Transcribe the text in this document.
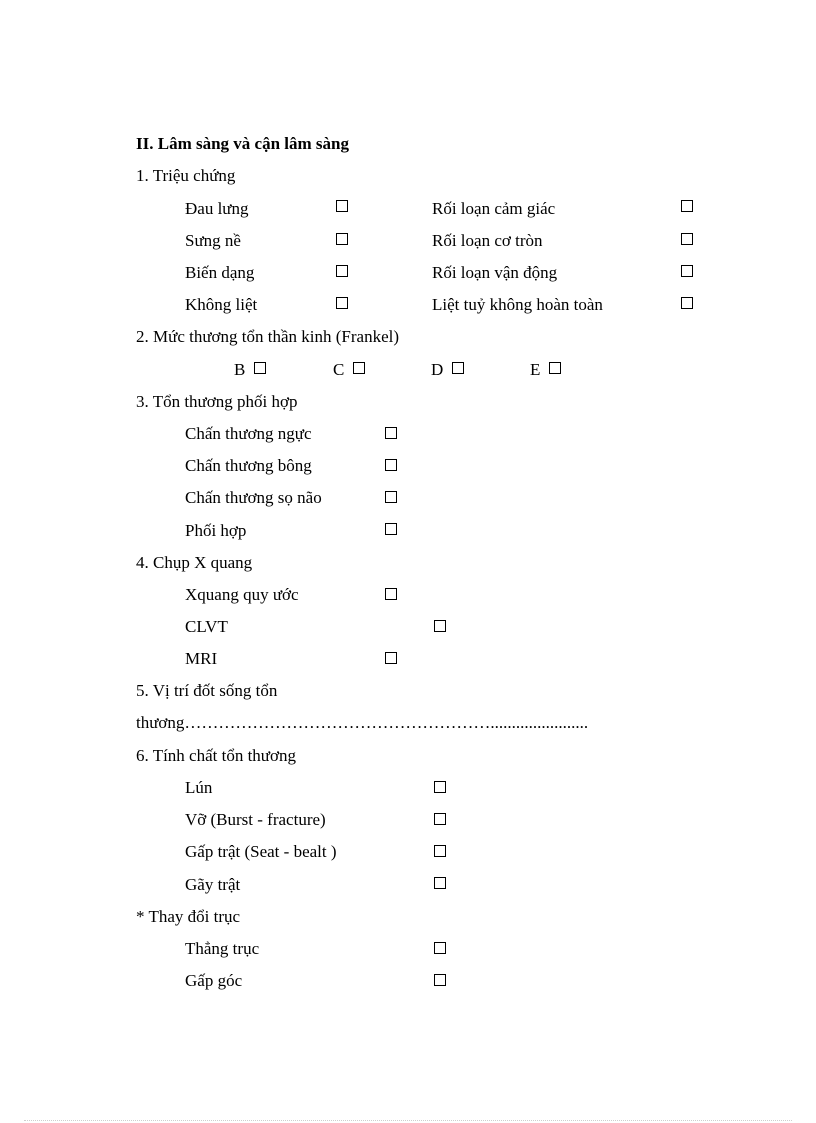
II. Lâm sàng và cận lâm sàng
1. Triệu chứng
Đau lưng	Rối loạn cảm giác
Sưng nề	Rối loạn cơ tròn
Biến dạng	Rối loạn vận động
Không liệt	Liệt tuỷ không hoàn toàn
2. Mức thương tổn thần kinh (Frankel)
B	C	D	E
3. Tổn thương phối hợp
Chấn thương ngực
Chấn thương bông
Chấn thương sọ não
Phối hợp
4. Chụp X quang
Xquang quy ước
CLVT
MRI
5. Vị trí đốt sống tổn
thương……………………………………………….......................
6. Tính chất tổn thương
Lún
Vỡ (Burst - fracture)
Gấp trật (Seat - bealt )
Gãy trật
* Thay đổi trục
Thẳng trục
Gấp góc
